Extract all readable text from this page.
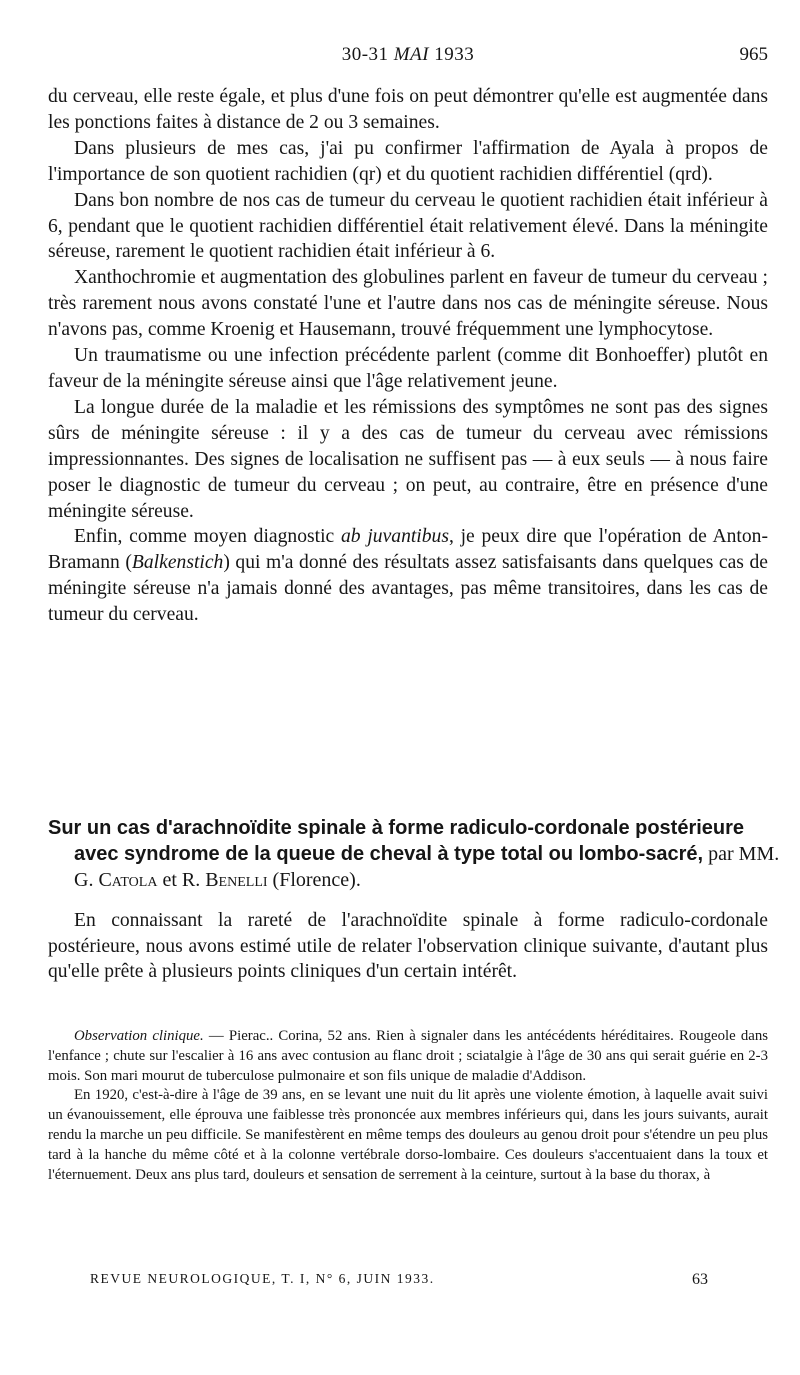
30-31 MAI 1933	965

du cerveau, elle reste égale, et plus d'une fois on peut démontrer qu'elle est augmentée dans les ponctions faites à distance de 2 ou 3 semaines.

Dans plusieurs de mes cas, j'ai pu confirmer l'affirmation de Ayala à propos de l'importance de son quotient rachidien (qr) et du quotient rachidien différentiel (qrd).

Dans bon nombre de nos cas de tumeur du cerveau le quotient rachidien était inférieur à 6, pendant que le quotient rachidien différentiel était relativement élevé. Dans la méningite séreuse, rarement le quotient rachidien était inférieur à 6.

Xanthochromie et augmentation des globulines parlent en faveur de tumeur du cerveau ; très rarement nous avons constaté l'une et l'autre dans nos cas de méningite séreuse. Nous n'avons pas, comme Kroenig et Hausemann, trouvé fréquemment une lymphocytose.

Un traumatisme ou une infection précédente parlent (comme dit Bonhoeffer) plutôt en faveur de la méningite séreuse ainsi que l'âge relativement jeune.

La longue durée de la maladie et les rémissions des symptômes ne sont pas des signes sûrs de méningite séreuse : il y a des cas de tumeur du cerveau avec rémissions impressionnantes. Des signes de localisation ne suffisent pas — à eux seuls — à nous faire poser le diagnostic de tumeur du cerveau ; on peut, au contraire, être en présence d'une méningite séreuse.

Enfin, comme moyen diagnostic ab juvantibus, je peux dire que l'opération de Anton-Bramann (Balkenstich) qui m'a donné des résultats assez satisfaisants dans quelques cas de méningite séreuse n'a jamais donné des avantages, pas même transitoires, dans les cas de tumeur du cerveau.

Sur un cas d'arachnoïdite spinale à forme radiculo-cordonale postérieure avec syndrome de la queue de cheval à type total ou lombo-sacré, par MM. G. Catola et R. Benelli (Florence).
En connaissant la rareté de l'arachnoïdite spinale à forme radiculo-cordonale postérieure, nous avons estimé utile de relater l'observation clinique suivante, d'autant plus qu'elle prête à plusieurs points cliniques d'un certain intérêt.

Observation clinique. — Pierac.. Corina, 52 ans. Rien à signaler dans les antécédents héréditaires. Rougeole dans l'enfance ; chute sur l'escalier à 16 ans avec contusion au flanc droit ; sciatalgie à l'âge de 30 ans qui serait guérie en 2-3 mois. Son mari mourut de tuberculose pulmonaire et son fils unique de maladie d'Addison.

En 1920, c'est-à-dire à l'âge de 39 ans, en se levant une nuit du lit après une violente émotion, à laquelle avait suivi un évanouissement, elle éprouva une faiblesse très prononcée aux membres inférieurs qui, dans les jours suivants, aurait rendu la marche un peu difficile. Se manifestèrent en même temps des douleurs au genou droit pour s'étendre un peu plus tard à la hanche du même côté et à la colonne vertébrale dorso-lombaire. Ces douleurs s'accentuaient dans la toux et l'éternuement. Deux ans plus tard, douleurs et sensation de serrement à la ceinture, surtout à la base du thorax, à

REVUE NEUROLOGIQUE, T. I, N° 6, JUIN 1933.	63
